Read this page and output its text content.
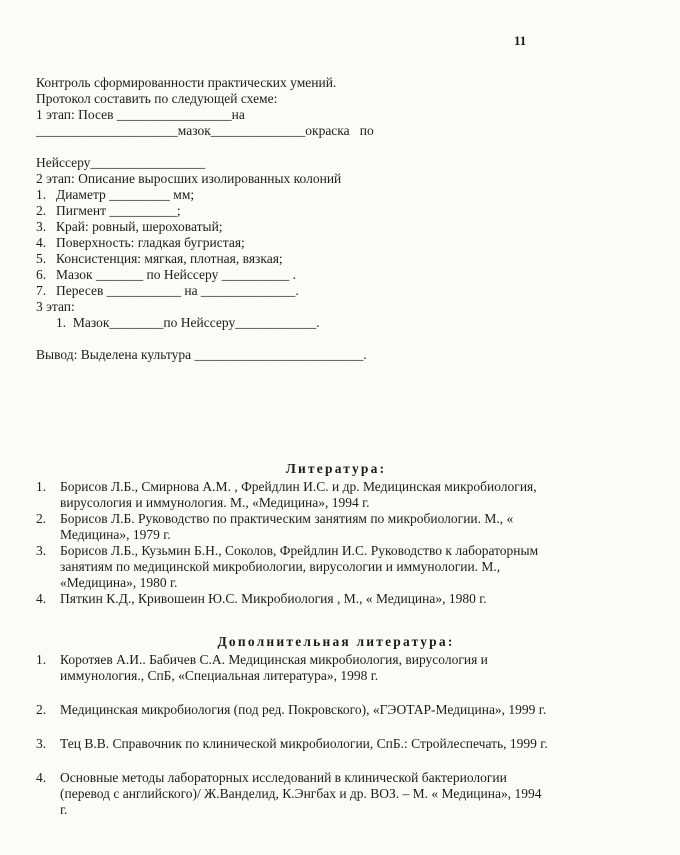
11
Контроль сформированности практических умений.
Протокол составить по следующей схеме:
1 этап: Посев _________________на
_____________________мазок______________окраска   по
Нейссеру_________________
2 этап: Описание выросших изолированных колоний
1. Диаметр _________ мм;
2. Пигмент __________;
3. Край: ровный, шероховатый;
4. Поверхность: гладкая бугристая;
5. Консистенция: мягкая, плотная, вязкая;
6. Мазок _______ по Нейссеру __________ .
7. Пересев ___________ на ______________.
3 этап:
1.  Мазок________по Нейссеру____________.
Вывод: Выделена культура _________________________.
Литература:
1. Борисов Л.Б., Смирнова А.М. , Фрейдлин И.С. и др. Медицинская микробиология, вирусология и иммунология. М., «Медицина», 1994 г.
2. Борисов Л.Б. Руководство по практическим занятиям по микробиологии. М., « Медицина», 1979 г.
3. Борисов Л.Б., Кузьмин Б.Н., Соколов, Фрейдлин И.С. Руководство к лабораторным занятиям по медицинской микробиологии, вирусологии и иммунологии. М., «Медицина», 1980 г.
4. Пяткин К.Д., Кривошеин Ю.С. Микробиология , М., « Медицина», 1980 г.
Дополнительная литература:
1. Коротяев А.И.. Бабичев С.А. Медицинская микробиология, вирусология и иммунология., СпБ, «Специальная литература», 1998 г.
2. Медицинская микробиология (под ред. Покровского), «ГЭОТАР-Медицина», 1999 г.
3. Тец В.В. Справочник по клинической микробиологии, СпБ.: Стройлеспечать, 1999 г.
4. Основные методы лабораторных исследований в клинической бактериологии (перевод с английского)/ Ж.Ванделид, К.Энгбах и др. ВОЗ. – М. « Медицина», 1994 г.
